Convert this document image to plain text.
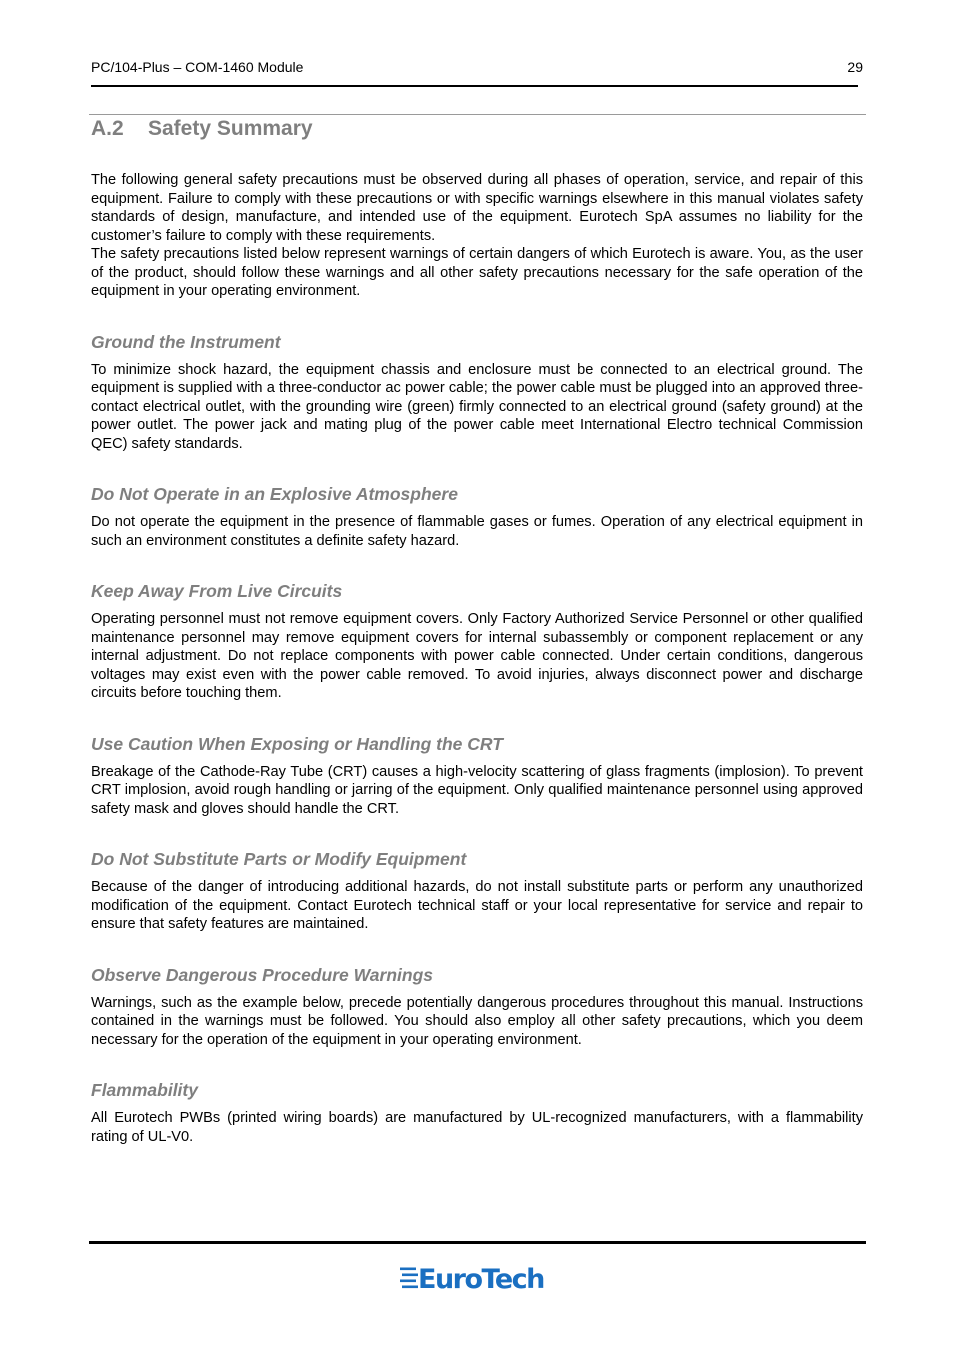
PC/104-Plus – COM-1460 Module	29
A.2 Safety Summary

The following general safety precautions must be observed during all phases of operation, service, and repair of this equipment. Failure to comply with these precautions or with specific warnings elsewhere in this manual violates safety standards of design, manufacture, and intended use of the equipment. Eurotech SpA assumes no liability for the customer’s failure to comply with these requirements.

The safety precautions listed below represent warnings of certain dangers of which Eurotech is aware. You, as the user of the product, should follow these warnings and all other safety precautions necessary for the safe operation of the equipment in your operating environment.

Ground the Instrument

To minimize shock hazard, the equipment chassis and enclosure must be connected to an electrical ground. The equipment is supplied with a three-conductor ac power cable; the power cable must be plugged into an approved three-contact electrical outlet, with the grounding wire (green) firmly connected to an electrical ground (safety ground) at the power outlet. The power jack and mating plug of the power cable meet International Electro technical Commission QEC) safety standards.

Do Not Operate in an Explosive Atmosphere

Do not operate the equipment in the presence of flammable gases or fumes. Operation of any electrical equipment in such an environment constitutes a definite safety hazard.

Keep Away From Live Circuits

Operating personnel must not remove equipment covers. Only Factory Authorized Service Personnel or other qualified maintenance personnel may remove equipment covers for internal subassembly or component replacement or any internal adjustment. Do not replace components with power cable connected. Under certain conditions, dangerous voltages may exist even with the power cable removed. To avoid injuries, always disconnect power and discharge circuits before touching them.

Use Caution When Exposing or Handling the CRT

Breakage of the Cathode-Ray Tube (CRT) causes a high-velocity scattering of glass fragments (implosion). To prevent CRT implosion, avoid rough handling or jarring of the equipment. Only qualified maintenance personnel using approved safety mask and gloves should handle the CRT.

Do Not Substitute Parts or Modify Equipment

Because of the danger of introducing additional hazards, do not install substitute parts or perform any unauthorized modification of the equipment. Contact Eurotech technical staff or your local representative for service and repair to ensure that safety features are maintained.

Observe Dangerous Procedure Warnings

Warnings, such as the example below, precede potentially dangerous procedures throughout this manual. Instructions contained in the warnings must be followed. You should also employ all other safety precautions, which you deem necessary for the operation of the equipment in your operating environment.

Flammability

All Eurotech PWBs (printed wiring boards) are manufactured by UL-recognized manufacturers, with a flammability rating of UL-V0.

EuroTech
